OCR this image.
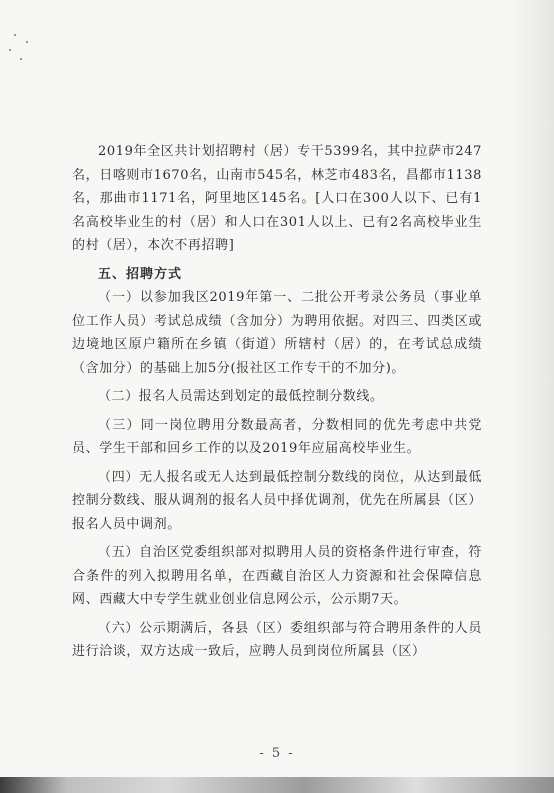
2019年全区共计划招聘村（居）专干5399名，其中拉萨市247名，日喀则市1670名，山南市545名，林芝市483名，昌都市1138名，那曲市1171名，阿里地区145名。[人口在300人以下、已有1名高校毕业生的村（居）和人口在301人以上、已有2名高校毕业生的村（居），本次不再招聘]

五、招聘方式

（一）以参加我区2019年第一、二批公开考录公务员（事业单位工作人员）考试总成绩（含加分）为聘用依据。对四三、四类区或边境地区原户籍所在乡镇（街道）所辖村（居）的，在考试总成绩（含加分）的基础上加5分(报社区工作专干的不加分)。

（二）报名人员需达到划定的最低控制分数线。

（三）同一岗位聘用分数最高者，分数相同的优先考虑中共党员、学生干部和回乡工作的以及2019年应届高校毕业生。

（四）无人报名或无人达到最低控制分数线的岗位，从达到最低控制分数线、服从调剂的报名人员中择优调剂，优先在所属县（区）报名人员中调剂。

（五）自治区党委组织部对拟聘用人员的资格条件进行审查，符合条件的列入拟聘用名单，在西藏自治区人力资源和社会保障信息网、西藏大中专学生就业创业信息网公示，公示期7天。

（六）公示期满后，各县（区）委组织部与符合聘用条件的人员进行洽谈，双方达成一致后，应聘人员到岗位所属县（区）

- 5 -
